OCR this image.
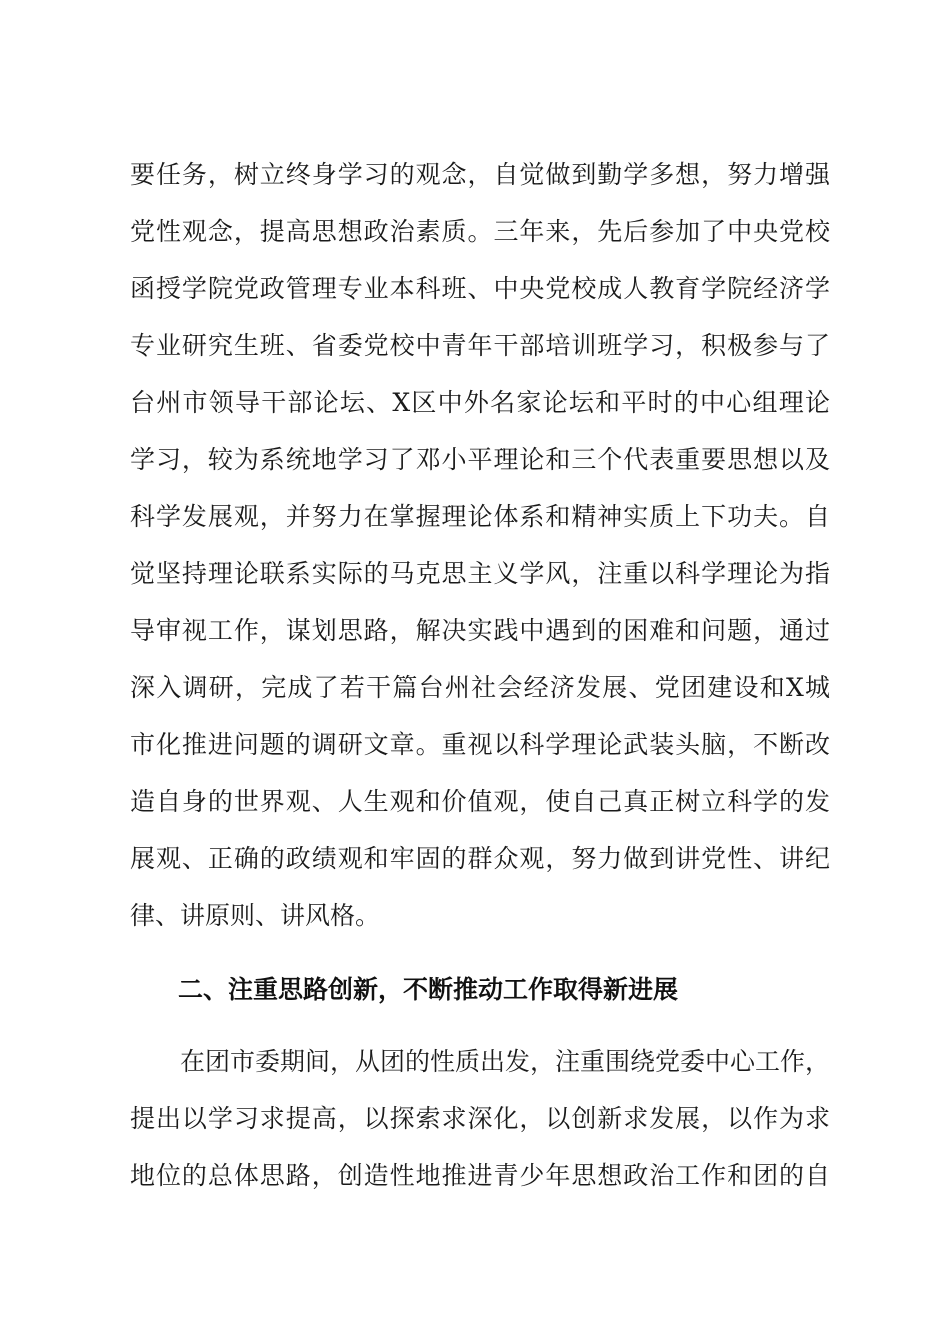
要任务，树立终身学习的观念，自觉做到勤学多想，努力增强
党性观念，提高思想政治素质。三年来，先后参加了中央党校
函授学院党政管理专业本科班、中央党校成人教育学院经济学
专业研究生班、省委党校中青年干部培训班学习，积极参与了
台州市领导干部论坛、X区中外名家论坛和平时的中心组理论
学习，较为系统地学习了邓小平理论和三个代表重要思想以及
科学发展观，并努力在掌握理论体系和精神实质上下功夫。自
觉坚持理论联系实际的马克思主义学风，注重以科学理论为指
导审视工作，谋划思路，解决实践中遇到的困难和问题，通过
深入调研，完成了若干篇台州社会经济发展、党团建设和X城
市化推进问题的调研文章。重视以科学理论武装头脑，不断改
造自身的世界观、人生观和价值观，使自己真正树立科学的发
展观、正确的政绩观和牢固的群众观，努力做到讲党性、讲纪
律、讲原则、讲风格。
二、注重思路创新，不断推动工作取得新进展
在团市委期间，从团的性质出发，注重围绕党委中心工作，
提出以学习求提高，以探索求深化，以创新求发展，以作为求
地位的总体思路，创造性地推进青少年思想政治工作和团的自
